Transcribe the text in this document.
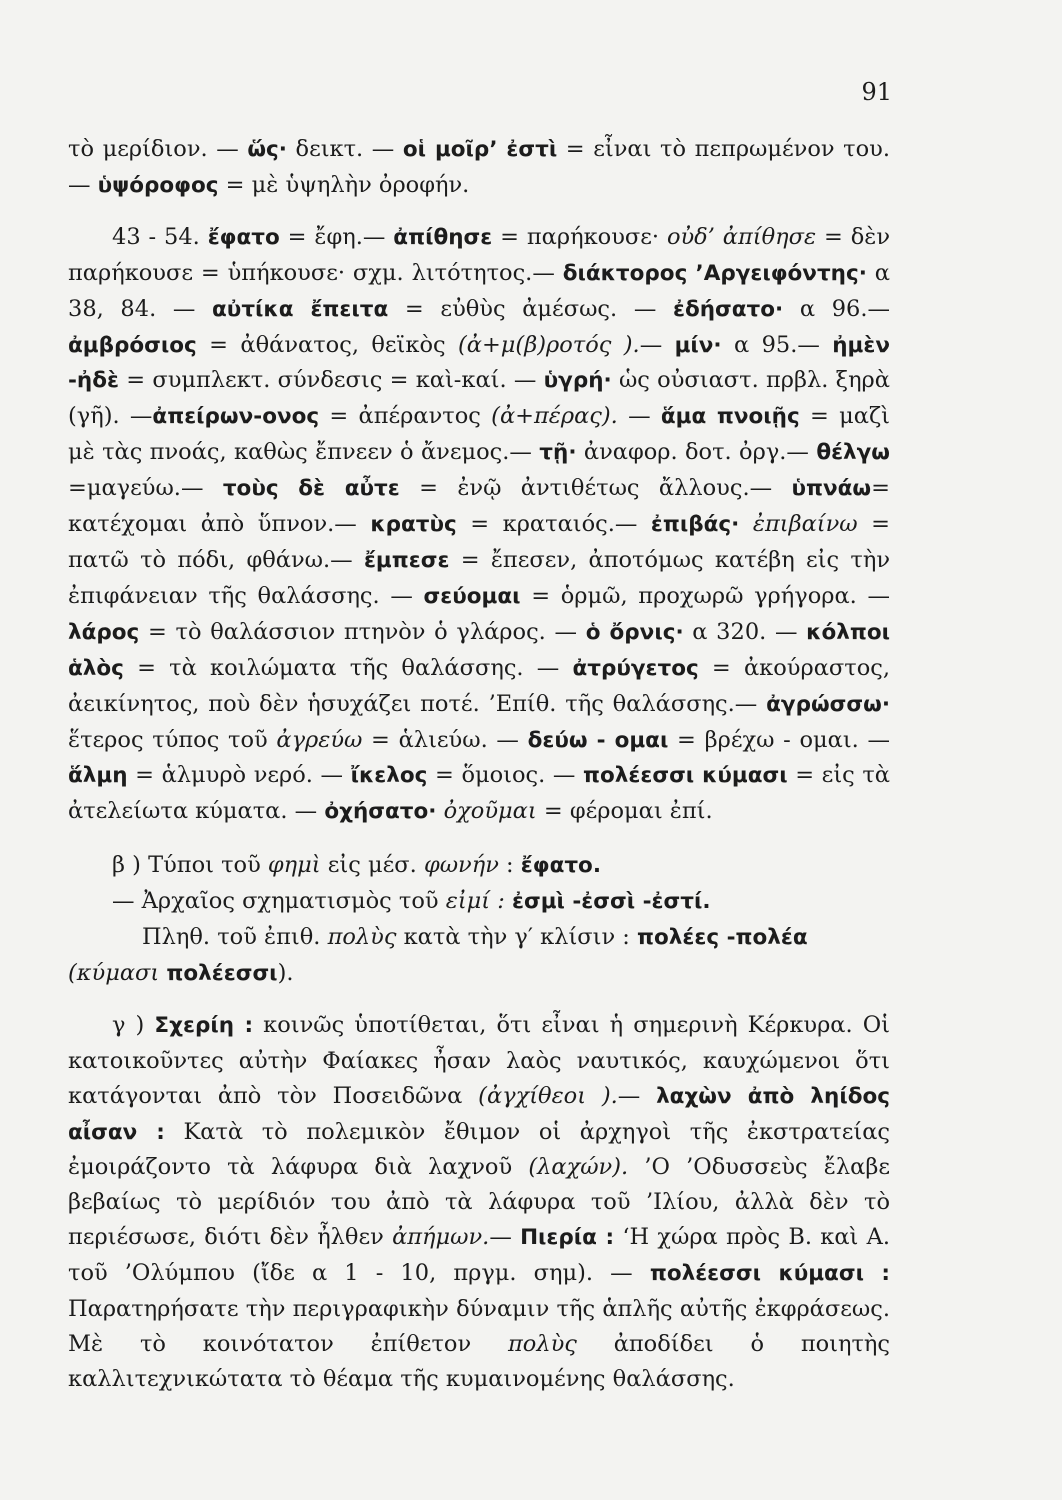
91

τὸ μερίδιον. — ὥς· δεικτ. — οἱ μοῖρ’ ἐστὶ = εἶναι τὸ πεπρωμένον του.— ὑψόροφος = μὲ ὑψηλὴν ὀροφήν.

43 - 54. ἔφατο = ἔφη.— ἀπίθησε = παρήκουσε· οὐδ’ ἀπίθησε = δὲν παρήκουσε = ὑπήκουσε· σχμ. λιτότητος.— διάκτορος ’Αργειφόντης· α 38, 84. — αὐτίκα ἔπειτα = εὐθὺς ἀμέσως. — ἐδήσατο· α 96.— ἀμβρόσιος = ἀθάνατος, θεϊκὸς (ἀ+μ(β)ροτός ).— μίν· α 95.— ἠμὲν -ἠδὲ = συμπλεκτ. σύνδεσις = καὶ-καί. — ὑγρή· ὡς οὐσιαστ. πρβλ. ξηρὰ (γῆ). —ἀπείρων-ονος = ἀπέραντος (ἀ+πέρας). — ἅμα πνοιῇς = μαζὶ μὲ τὰς πνοάς, καθὼς ἔπνεεν ὁ ἄνεμος.— τῇ· ἀναφορ. δοτ. ὀργ.— θέλγω =μαγεύω.— τοὺς δὲ αὖτε = ἐνῷ ἀντιθέτως ἄλλους.— ὑπνάω= κατέχομαι ἀπὸ ὕπνον.— κρατὺς = κραταιός.— ἐπιβάς· ἐπιβαίνω = πατῶ τὸ πόδι, φθάνω.— ἔμπεσε = ἔπεσεν, ἀποτόμως κατέβη εἰς τὴν ἐπιφάνειαν τῆς θαλάσσης. — σεύομαι = ὁρμῶ, προχωρῶ γρήγορα. — λάρος = τὸ θαλάσσιον πτηνὸν ὁ γλάρος. — ὁ ὄρνις· α 320. — κόλποι ἁλὸς = τὰ κοιλώματα τῆς θαλάσσης. — ἀτρύγετος = ἀκούραστος, ἀεικίνητος, ποὺ δὲν ἡσυχάζει ποτέ. ’Επίθ. τῆς θαλάσσης.— ἀγρώσσω· ἕτερος τύπος τοῦ ἀγρεύω = ἁλιεύω. — δεύω - ομαι = βρέχω - ομαι. — ἅλμη = ἁλμυρὸ νερό. — ἴκελος = ὅμοιος. — πολέεσσι κύμασι = εἰς τὰ ἀτελείωτα κύματα. — ὀχήσατο· ὀχοῦμαι = φέρομαι ἐπί.

β ) Τύποι τοῦ φημὶ εἰς μέσ. φωνήν : ἔφατο.
— Ἀρχαῖος σχηματισμὸς τοῦ εἰμί : ἐσμὶ -ἐσσὶ -ἐστί.
Πληθ. τοῦ ἐπιθ. πολὺς κατὰ τὴν γ′ κλίσιν : πολέες -πολέα (κύμασι πολέεσσι).

γ ) Σχερίη : κοινῶς ὑποτίθεται, ὅτι εἶναι ἡ σημερινὴ Κέρκυρα. Οἱ κατοικοῦντες αὐτὴν Φαίακες ἦσαν λαὸς ναυτικός, καυχώμενοι ὅτι κατάγονται ἀπὸ τὸν Ποσειδῶνα (ἀγχίθεοι ).— λαχὼν ἀπὸ ληίδος αἶσαν : Κατὰ τὸ πολεμικὸν ἔθιμον οἱ ἀρχηγοὶ τῆς ἐκστρατείας ἐμοιράζοντο τὰ λάφυρα διὰ λαχνοῦ (λαχών). ’Ο ’Οδυσσεὺς ἔλαβε βεβαίως τὸ μερίδιόν του ἀπὸ τὰ λάφυρα τοῦ ’Ιλίου, ἀλλὰ δὲν τὸ περιέσωσε, διότι δὲν ἦλθεν ἀπήμων.— Πιερία : ‘Η χώρα πρὸς Β. καὶ Α. τοῦ ’Ολύμπου (ἴδε α 1 - 10, πργμ. σημ). — πολέεσσι κύμασι : Παρατηρήσατε τὴν περιγραφικὴν δύναμιν τῆς ἁπλῆς αὐτῆς ἐκφράσεως. Μὲ τὸ κοινότατον ἐπίθετον πολὺς ἀποδίδει ὁ ποιητὴς καλλιτεχνικώτατα τὸ θέαμα τῆς κυμαινομένης θαλάσσης.
